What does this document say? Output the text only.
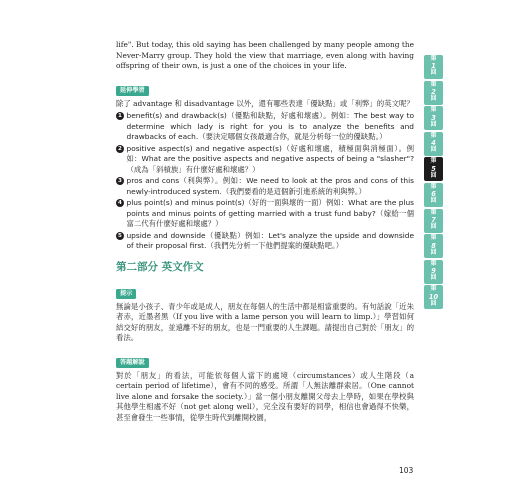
life". But today, this old saying has been challenged by many people among the Never-Marry group. They hold the view that marriage, even along with having offspring of their own, is just a one of the choices in your life.

延伸學習

除了 advantage 和 disadvantage 以外，還有哪些表達「優缺點」或「利弊」的英文呢？

1 benefit(s) and drawback(s)（優點和缺點，好處和壞處）。例如：The best way to determine which lady is right for you is to analyze the benefits and drawbacks of each.（要決定哪個女孩最適合你，就是分析每一位的優缺點。）
2 positive aspect(s) and negative aspect(s)（好處和壞處，積極面與消極面）。例如：What are the positive aspects and negative aspects of being a "slasher"?（成為「斜槓族」有什麼好處和壞處？）
3 pros and cons（利與弊）。例如：We need to look at the pros and cons of this newly-introduced system.（我們要看的是這個新引進系統的利與弊。）
4 plus point(s) and minus point(s)（好的一面與壞的一面）例如：What are the plus points and minus points of getting married with a trust fund baby?（嫁給一個富二代有什麼好處和壞處？）
5 upside and downside（優缺點）例如：Let's analyze the upside and downside of their proposal first.（我們先分析一下他們提案的優缺點吧。）
第二部分 英文作文
提示

無論是小孩子、青少年或是成人，朋友在每個人的生活中都是相當重要的。有句話說「近朱者赤，近墨者黑（If you live with a lame person you will learn to limp.）」學習如何結交好的朋友，並遠離不好的朋友，也是一門重要的人生課題。請提出自己對於「朋友」的看法。

答題解說

對於「朋友」的看法，可能依每個人當下的處境（circumstances）或人生階段（a certain period of lifetime），會有不同的感受。所謂「人無法離群索居。（One cannot live alone and forsake the society.）」當一個小朋友離開父母去上學時，如果在學校與其他學生相處不好（not get along well），完全沒有要好的同學，相信也會過得不快樂，甚至會發生一些事情，從學生時代到離開校園，

第
1
回
第
2
回
第
3
回
第
4
回
第
5
回
第
6
回
第
7
回
第
8
回
第
9
回
第
10
回
103
